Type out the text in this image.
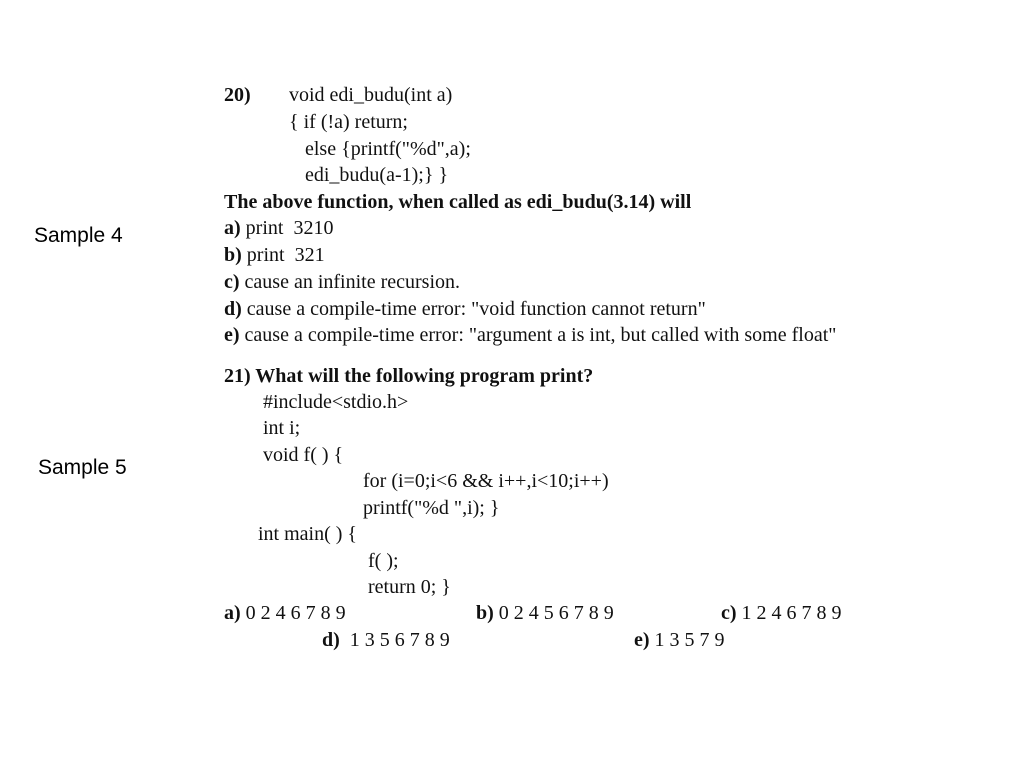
Sample 4
Sample 5
20) void edi_budu(int a)
{ if (!a) return;
else {printf("%d",a);
edi_budu(a-1);} }
The above function, when called as edi_budu(3.14) will
a) print  3210
b) print  321
c) cause an infinite recursion.
d) cause a compile-time error: "void function cannot return"
e) cause a compile-time error: "argument a is int, but called with some float"
21) What will the following program print?
#include<stdio.h>
int i;
void f( ) {
for (i=0;i<6 && i++,i<10;i++)
printf("%d ",i); }
int main( ) {
f( );
return 0; }
a) 0 2 4 6 7 8 9	b) 0 2 4 5 6 7 8 9	c) 1 2 4 6 7 8 9
d)  1 3 5 6 7 8 9	e) 1 3 5 7 9
